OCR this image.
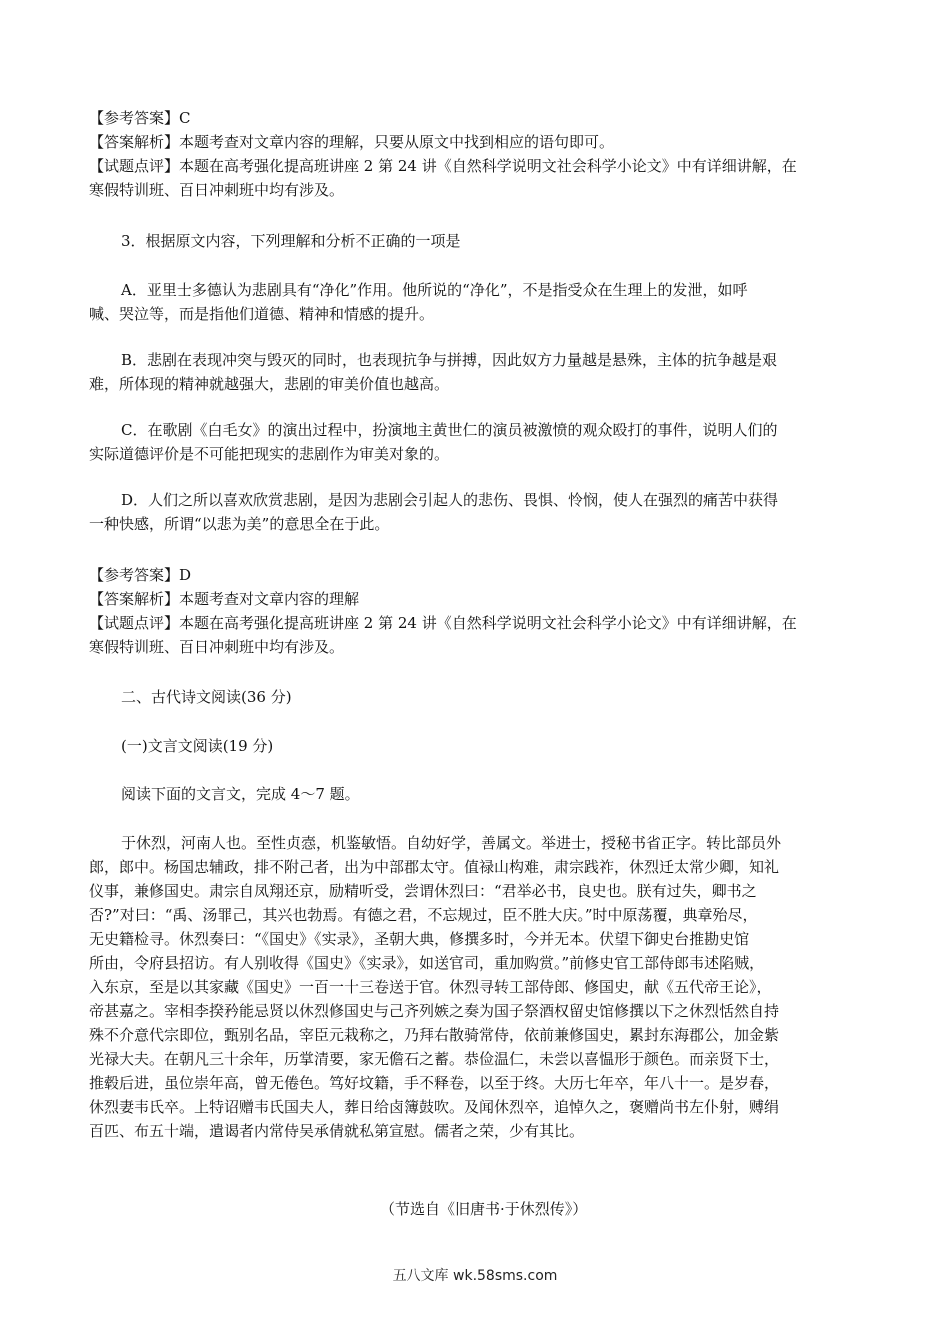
【参考答案】C
【答案解析】本题考查对文章内容的理解，只要从原文中找到相应的语句即可。
【试题点评】本题在高考强化提高班讲座 2 第 24 讲《自然科学说明文社会科学小论文》中有详细讲解，在
寒假特训班、百日冲刺班中均有涉及。
3．根据原文内容，下列理解和分析不正确的一项是
A．亚里士多德认为悲剧具有“净化”作用。他所说的“净化”，不是指受众在生理上的发泄，如呼
喊、哭泣等，而是指他们道德、精神和情感的提升。
B．悲剧在表现冲突与毁灭的同时，也表现抗争与拼搏，因此奴方力量越是悬殊，主体的抗争越是艰
难，所体现的精神就越强大，悲剧的审美价值也越高。
C．在歌剧《白毛女》的演出过程中，扮演地主黄世仁的演员被激愤的观众殴打的事件，说明人们的
实际道德评价是不可能把现实的悲剧作为审美对象的。
D．人们之所以喜欢欣赏悲剧，是因为悲剧会引起人的悲伤、畏惧、怜悯，使人在强烈的痛苦中获得
一种快感，所谓“以悲为美”的意思全在于此。
【参考答案】D
【答案解析】本题考查对文章内容的理解
【试题点评】本题在高考强化提高班讲座 2 第 24 讲《自然科学说明文社会科学小论文》中有详细讲解，在
寒假特训班、百日冲刺班中均有涉及。
二、古代诗文阅读(36 分)
(一)文言文阅读(19 分)
阅读下面的文言文，完成 4～7 题。
于休烈，河南人也。至性贞悫，机鉴敏悟。自幼好学，善属文。举进士，授秘书省正字。转比部员外
郎，郎中。杨国忠辅政，排不附己者，出为中部郡太守。值禄山构难，肃宗践祚，休烈迁太常少卿，知礼
仪事，兼修国史。肃宗自凤翔还京，励精听受，尝谓休烈曰：“君举必书，良史也。朕有过失，卿书之
否?”对曰：“禹、汤罪己，其兴也勃焉。有德之君，不忘规过，臣不胜大庆。”时中原荡覆，典章殆尽，
无史籍检寻。休烈奏曰：“《国史》《实录》，圣朝大典，修撰多时，今并无本。伏望下御史台推勘史馆
所由，令府县招访。有人别收得《国史》《实录》，如送官司，重加购赏。”前修史官工部侍郎韦述陷贼，
入东京，至是以其家藏《国史》一百一十三卷送于官。休烈寻转工部侍郎、修国史，献《五代帝王论》，
帝甚嘉之。宰相李揆矜能忌贤以休烈修国史与己齐列嫉之奏为国子祭酒权留史馆修撰以下之休烈恬然自持
殊不介意代宗即位，甄别名品，宰臣元栽称之，乃拜右散骑常侍，依前兼修国史，累封东海郡公，加金紫
光禄大夫。在朝凡三十余年，历掌清要，家无儋石之蓄。恭俭温仁，未尝以喜愠形于颜色。而亲贤下士，
推毂后进，虽位崇年高，曾无倦色。笃好坟籍，手不释卷，以至于终。大历七年卒，年八十一。是岁春，
休烈妻韦氏卒。上特诏赠韦氏国夫人，葬日给卤簿鼓吹。及闻休烈卒，追悼久之，褒赠尚书左仆射，赙绢
百匹、布五十端，遣谒者内常侍吴承倩就私第宣慰。儒者之荣，少有其比。
（节选自《旧唐书·于休烈传》）
五八文库 wk.58sms.com
